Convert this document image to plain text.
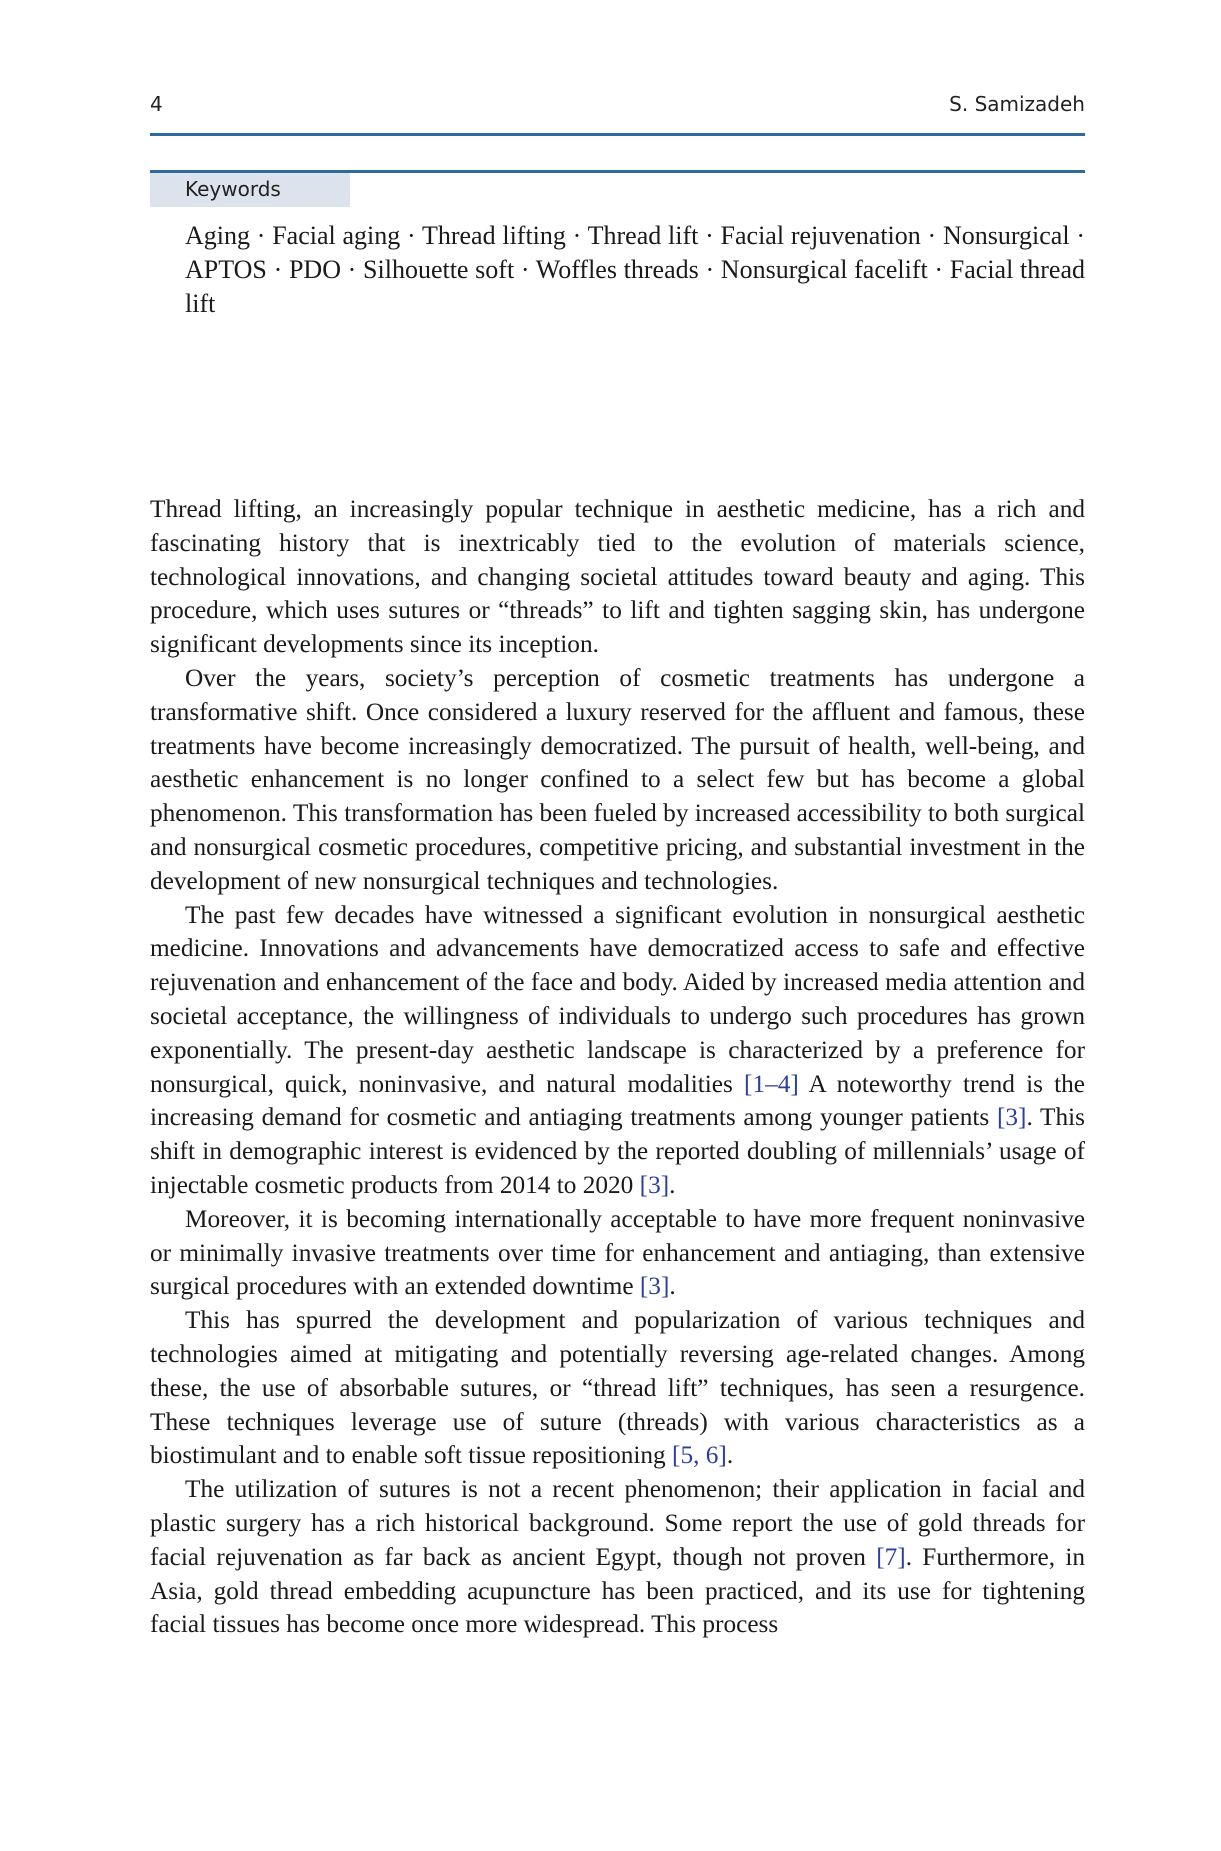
4	S. Samizadeh
Keywords
Aging · Facial aging · Thread lifting · Thread lift · Facial rejuvenation · Nonsurgical · APTOS · PDO · Silhouette soft · Woffles threads · Nonsurgical facelift · Facial thread lift

Thread lifting, an increasingly popular technique in aesthetic medicine, has a rich and fascinating history that is inextricably tied to the evolution of materials science, technological innovations, and changing societal attitudes toward beauty and aging. This procedure, which uses sutures or “threads” to lift and tighten sagging skin, has undergone significant developments since its inception.

Over the years, society’s perception of cosmetic treatments has undergone a transformative shift. Once considered a luxury reserved for the affluent and famous, these treatments have become increasingly democratized. The pursuit of health, well-being, and aesthetic enhancement is no longer confined to a select few but has become a global phenomenon. This transformation has been fueled by increased accessibility to both surgical and nonsurgical cosmetic procedures, competitive pricing, and substantial investment in the development of new nonsurgical techniques and technologies.

The past few decades have witnessed a significant evolution in nonsurgical aesthetic medicine. Innovations and advancements have democratized access to safe and effective rejuvenation and enhancement of the face and body. Aided by increased media attention and societal acceptance, the willingness of individuals to undergo such procedures has grown exponentially. The present-day aesthetic landscape is characterized by a preference for nonsurgical, quick, noninvasive, and natural modalities [1–4] A noteworthy trend is the increasing demand for cosmetic and antiaging treatments among younger patients [3]. This shift in demographic interest is evidenced by the reported doubling of millennials’ usage of injectable cosmetic products from 2014 to 2020 [3].

Moreover, it is becoming internationally acceptable to have more frequent noninvasive or minimally invasive treatments over time for enhancement and antiaging, than extensive surgical procedures with an extended downtime [3].

This has spurred the development and popularization of various techniques and technologies aimed at mitigating and potentially reversing age-related changes. Among these, the use of absorbable sutures, or “thread lift” techniques, has seen a resurgence. These techniques leverage use of suture (threads) with various characteristics as a biostimulant and to enable soft tissue repositioning [5, 6].

The utilization of sutures is not a recent phenomenon; their application in facial and plastic surgery has a rich historical background. Some report the use of gold threads for facial rejuvenation as far back as ancient Egypt, though not proven [7]. Furthermore, in Asia, gold thread embedding acupuncture has been practiced, and its use for tightening facial tissues has become once more widespread. This process
